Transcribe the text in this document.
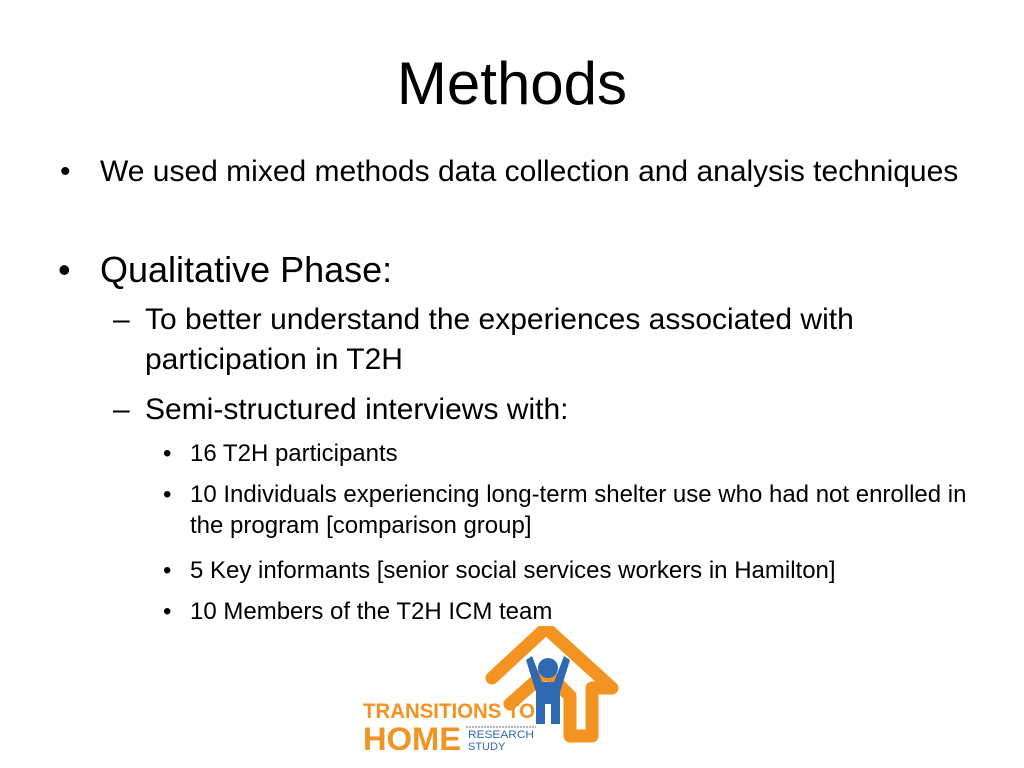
Methods
• We used mixed methods data collection and analysis techniques
• Qualitative Phase:
– To better understand the experiences associated with participation in T2H
– Semi-structured interviews with:
• 16 T2H participants
• 10 Individuals experiencing long-term shelter use who had not enrolled in the program [comparison group]
• 5 Key informants [senior social services workers in Hamilton]
• 10 Members of the T2H ICM team
TRANSITIONS TO
HOME RESEARCH
STUDY
